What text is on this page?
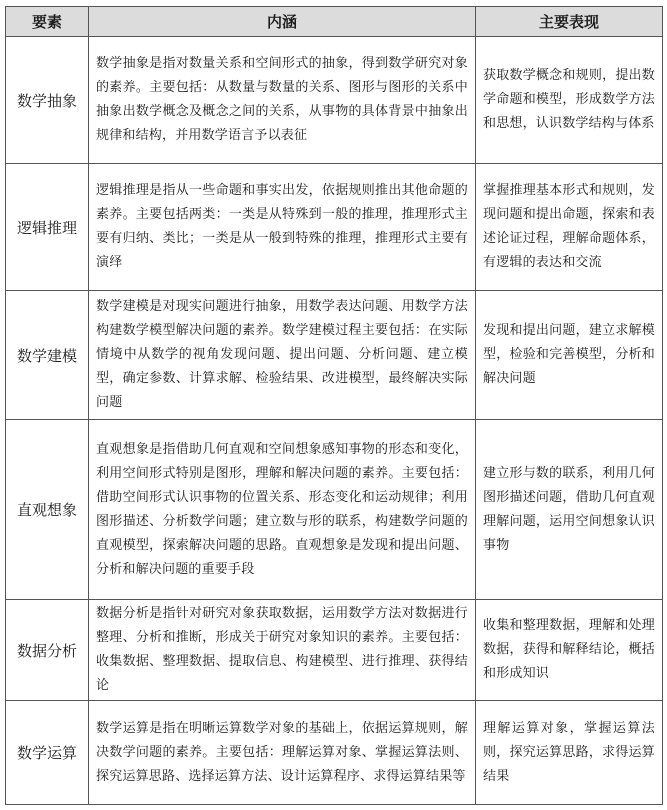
要素	内涵	主要表现
数学抽象	数学抽象是指对数量关系和空间形式的抽象，得到数学研究对象的素养。主要包括：从数量与数量的关系、图形与图形的关系中抽象出数学概念及概念之间的关系，从事物的具体背景中抽象出规律和结构，并用数学语言予以表征	获取数学概念和规则，提出数学命题和模型，形成数学方法和思想，认识数学结构与体系
逻辑推理	逻辑推理是指从一些命题和事实出发，依据规则推出其他命题的素养。主要包括两类：一类是从特殊到一般的推理，推理形式主要有归纳、类比；一类是从一般到特殊的推理，推理形式主要有演绎	掌握推理基本形式和规则，发现问题和提出命题，探索和表述论证过程，理解命题体系，有逻辑的表达和交流
数学建模	数学建模是对现实问题进行抽象，用数学表达问题、用数学方法构建数学模型解决问题的素养。数学建模过程主要包括：在实际情境中从数学的视角发现问题、提出问题、分析问题、建立模型，确定参数、计算求解、检验结果、改进模型，最终解决实际问题	发现和提出问题，建立求解模型，检验和完善模型，分析和解决问题
直观想象	直观想象是指借助几何直观和空间想象感知事物的形态和变化，利用空间形式特别是图形，理解和解决问题的素养。主要包括：借助空间形式认识事物的位置关系、形态变化和运动规律；利用图形描述、分析数学问题；建立数与形的联系，构建数学问题的直观模型，探索解决问题的思路。直观想象是发现和提出问题、分析和解决问题的重要手段	建立形与数的联系，利用几何图形描述问题，借助几何直观理解问题，运用空间想象认识事物
数据分析	数据分析是指针对研究对象获取数据，运用数学方法对数据进行整理、分析和推断，形成关于研究对象知识的素养。主要包括：收集数据、整理数据、提取信息、构建模型、进行推理、获得结论	收集和整理数据，理解和处理数据，获得和解释结论，概括和形成知识
数学运算	数学运算是指在明晰运算数学对象的基础上，依据运算规则，解决数学问题的素养。主要包括：理解运算对象、掌握运算法则、探究运算思路、选择运算方法、设计运算程序、求得运算结果等	理解运算对象，掌握运算法则，探究运算思路，求得运算结果
